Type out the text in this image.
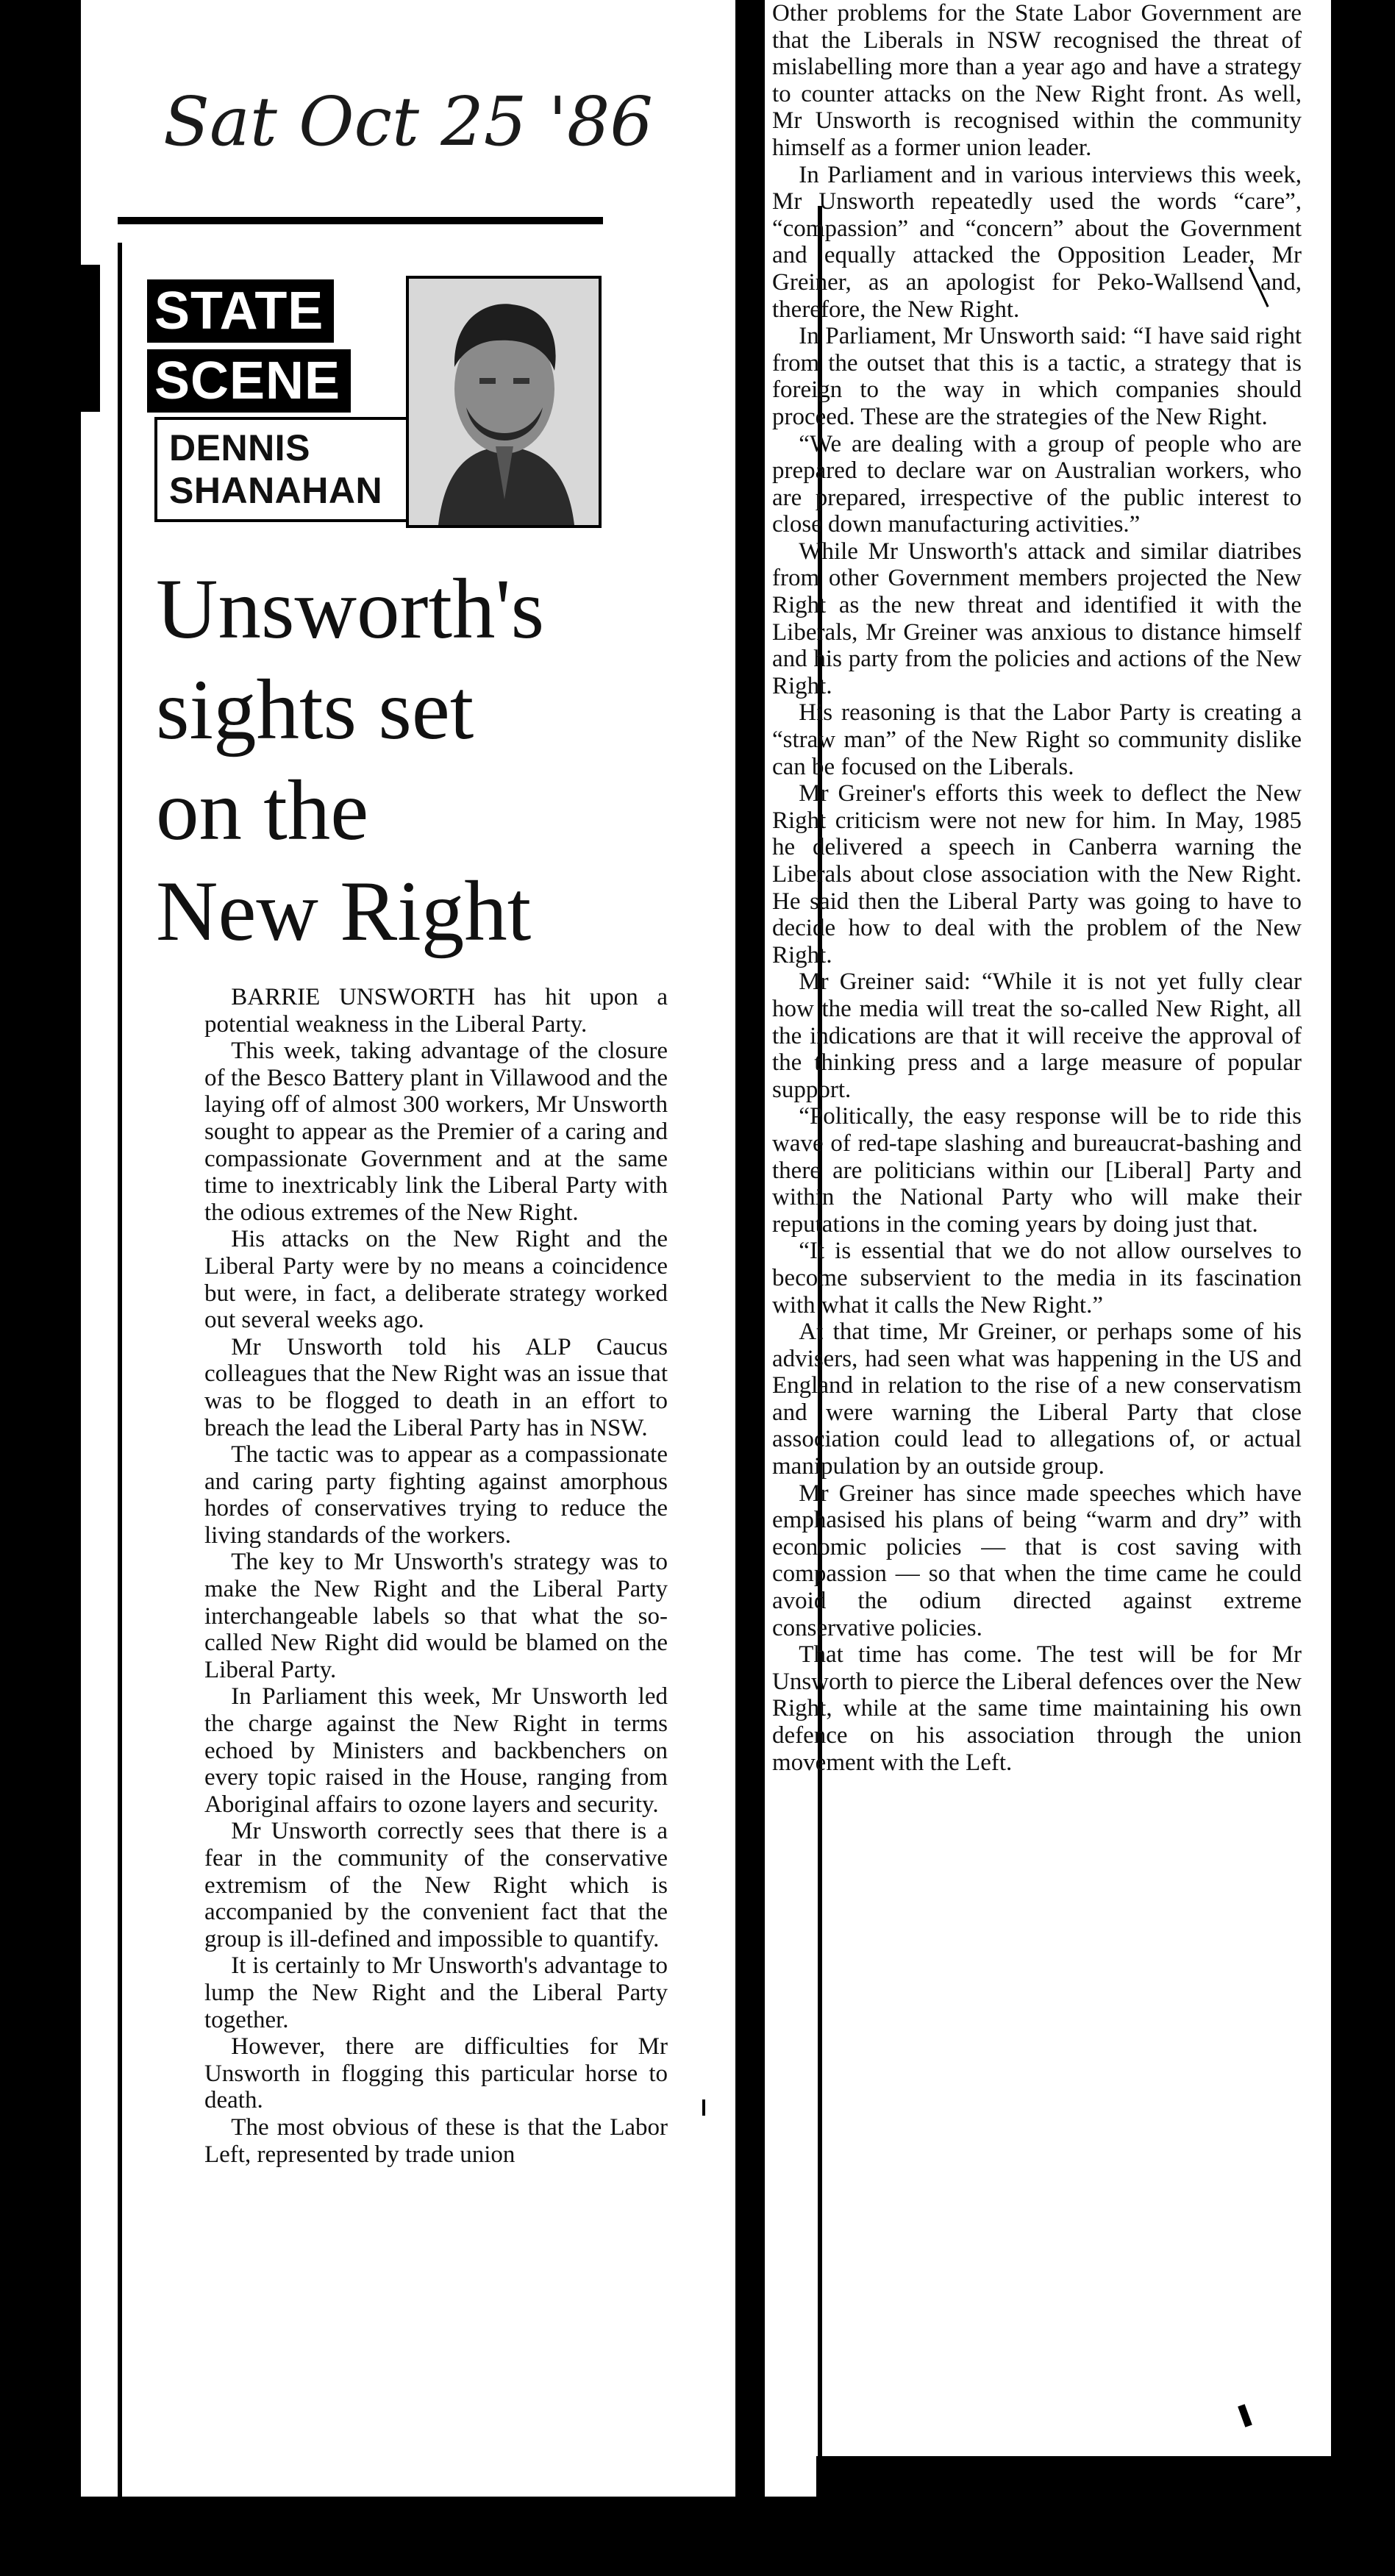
Sat Oct 25 '86
STATE
SCENE
DENNIS
SHANAHAN
Unsworth's
sights set
on the
New Right

BARRIE UNSWORTH has hit upon a potential weakness in the Liberal Party.

This week, taking advantage of the closure of the Besco Battery plant in Villawood and the laying off of almost 300 workers, Mr Unsworth sought to appear as the Premier of a caring and compassionate Government and at the same time to inextricably link the Liberal Party with the odious extremes of the New Right.

His attacks on the New Right and the Liberal Party were by no means a coincidence but were, in fact, a deliberate strategy worked out several weeks ago.

Mr Unsworth told his ALP Caucus colleagues that the New Right was an issue that was to be flogged to death in an effort to breach the lead the Liberal Party has in NSW.

The tactic was to appear as a compassionate and caring party fighting against amorphous hordes of conservatives trying to reduce the living standards of the workers.

The key to Mr Unsworth's strategy was to make the New Right and the Liberal Party interchangeable labels so that what the so-called New Right did would be blamed on the Liberal Party.

In Parliament this week, Mr Unsworth led the charge against the New Right in terms echoed by Ministers and backbenchers on every topic raised in the House, ranging from Aboriginal affairs to ozone layers and security.

Mr Unsworth correctly sees that there is a fear in the community of the conservative extremism of the New Right which is accompanied by the convenient fact that the group is ill-defined and impossible to quantify.

It is certainly to Mr Unsworth's advantage to lump the New Right and the Liberal Party together.

However, there are difficulties for Mr Unsworth in flogging this particular horse to death.

The most obvious of these is that the Labor Left, represented by trade union

Other problems for the State Labor Government are that the Liberals in NSW recognised the threat of mislabelling more than a year ago and have a strategy to counter attacks on the New Right front. As well, Mr Unsworth is recognised within the community himself as a former union leader.

In Parliament and in various interviews this week, Mr Unsworth repeatedly used the words “care”, “compassion” and “concern” about the Government and equally attacked the Opposition Leader, Mr Greiner, as an apologist for Peko-Wallsend and, therefore, the New Right.

In Parliament, Mr Unsworth said: “I have said right from the outset that this is a tactic, a strategy that is foreign to the way in which companies should proceed. These are the strategies of the New Right.

“We are dealing with a group of people who are prepared to declare war on Australian workers, who are prepared, irrespective of the public interest to close down manufacturing activities.”

While Mr Unsworth's attack and similar diatribes from other Government members projected the New Right as the new threat and identified it with the Liberals, Mr Greiner was anxious to distance himself and his party from the policies and actions of the New Right.

His reasoning is that the Labor Party is creating a “straw man” of the New Right so community dislike can be focused on the Liberals.

Mr Greiner's efforts this week to deflect the New Right criticism were not new for him. In May, 1985 he delivered a speech in Canberra warning the Liberals about close association with the New Right. He said then the Liberal Party was going to have to decide how to deal with the problem of the New Right.

Mr Greiner said: “While it is not yet fully clear how the media will treat the so-called New Right, all the indications are that it will receive the approval of the thinking press and a large measure of popular support.

“Politically, the easy response will be to ride this wave of red-tape slashing and bureaucrat-bashing and there are politicians within our [Liberal] Party and within the National Party who will make their reputations in the coming years by doing just that.

“It is essential that we do not allow ourselves to become subservient to the media in its fascination with what it calls the New Right.”

At that time, Mr Greiner, or perhaps some of his advisers, had seen what was happening in the US and England in relation to the rise of a new conservatism and were warning the Liberal Party that close association could lead to allegations of, or actual manipulation by an outside group.

Mr Greiner has since made speeches which have emphasised his plans of being “warm and dry” with economic policies — that is cost saving with compassion — so that when the time came he could avoid the odium directed against extreme conservative policies.

That time has come. The test will be for Mr Unsworth to pierce the Liberal defences over the New Right, while at the same time maintaining his own defence on his association through the union movement with the Left.
